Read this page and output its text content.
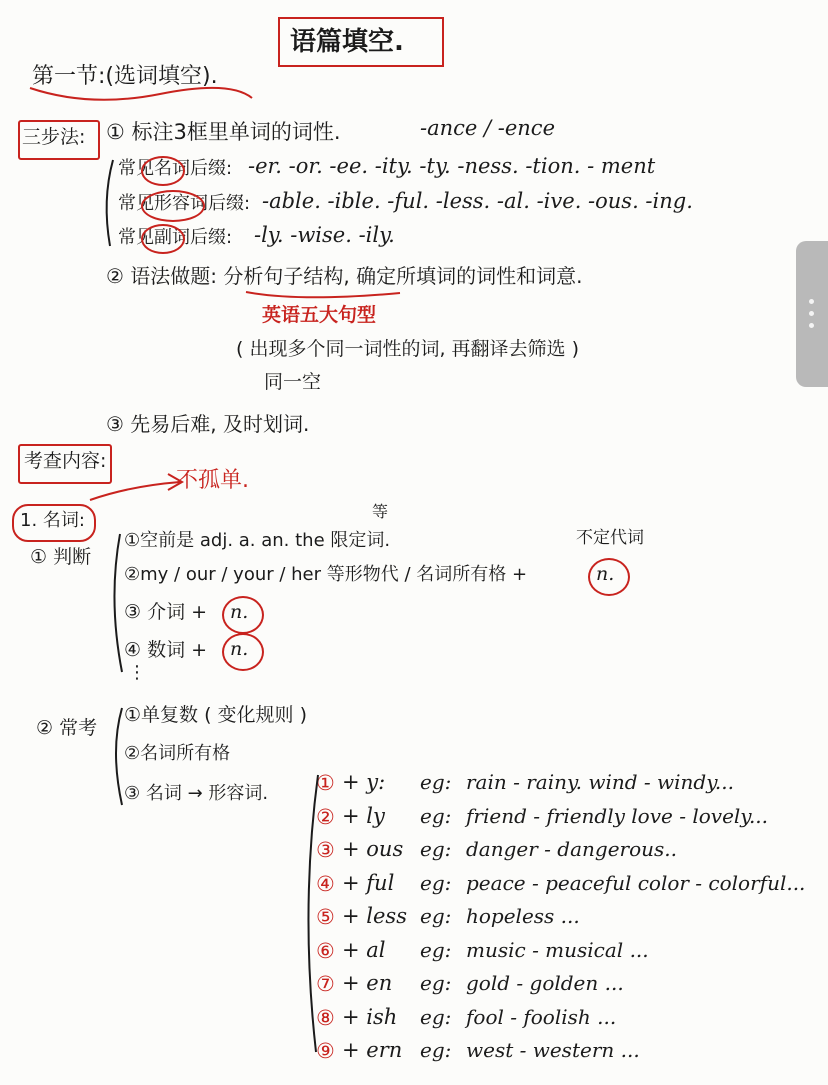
语篇填空.
第一节:(选词填空).
三步法: ① 标注3框里单词的词性.	-ance / -ence
常见名词后缀: -er. -or. -ee. -ity. -ty. -ness. -tion. - ment
常见形容词后缀: -able. -ible. -ful. -less. -al. -ive. -ous. -ing.
常见副词后缀: -ly. -wise. -ily.
② 语法做题: 分析句子结构, 确定所填词的词性和词意.
英语五大句型
( 出现多个同一词性的词, 再翻译去筛选 )
同一空
③ 先易后难, 及时划词.
考查内容:
不孤单.
1. 名词:
① 判断
①空前是 adj. a. an. the 限定词.
等
不定代词
②my / our / your / her 等形物代 / 名词所有格 +	n.
③ 介词 + n.
④ 数词 + n.
⋮
② 常考
①单复数 ( 变化规则 )
②名词所有格
③ 名词 → 形容词. ① + y: eg: rain - rainy. wind - windy...
② + ly eg: friend - friendly love - lovely...
③ + ous eg: danger - dangerous..
④ + ful eg: peace - peaceful color - colorful...
⑤ + less eg: hopeless ...
⑥ + al eg: music - musical ...
⑦ + en eg: gold - golden ...
⑧ + ish eg: fool - foolish ...
⑨ + ern eg: west - western ...
